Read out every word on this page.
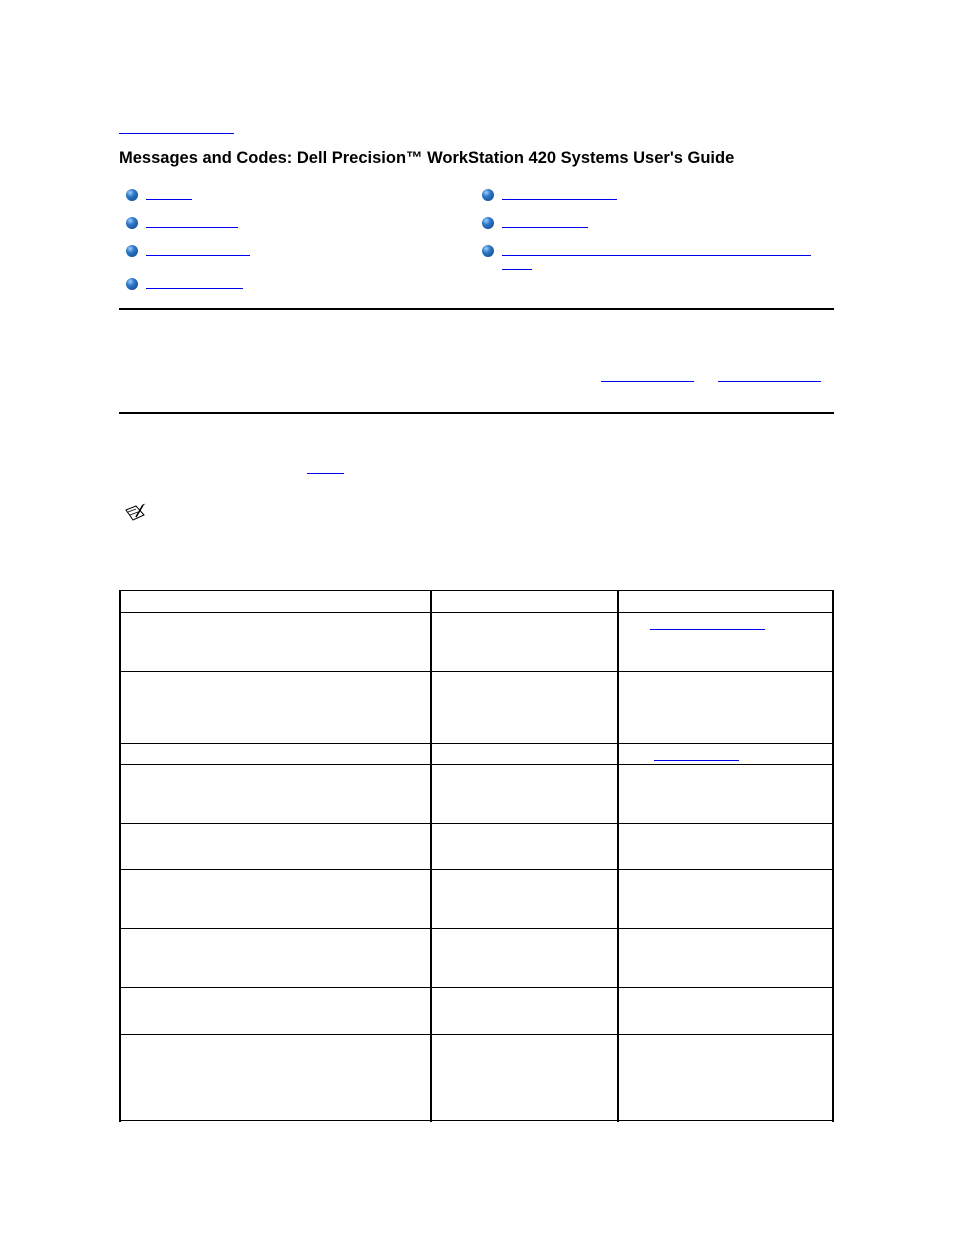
Messages and Codes: Dell Precision™ WorkStation 420 Systems User's Guide
